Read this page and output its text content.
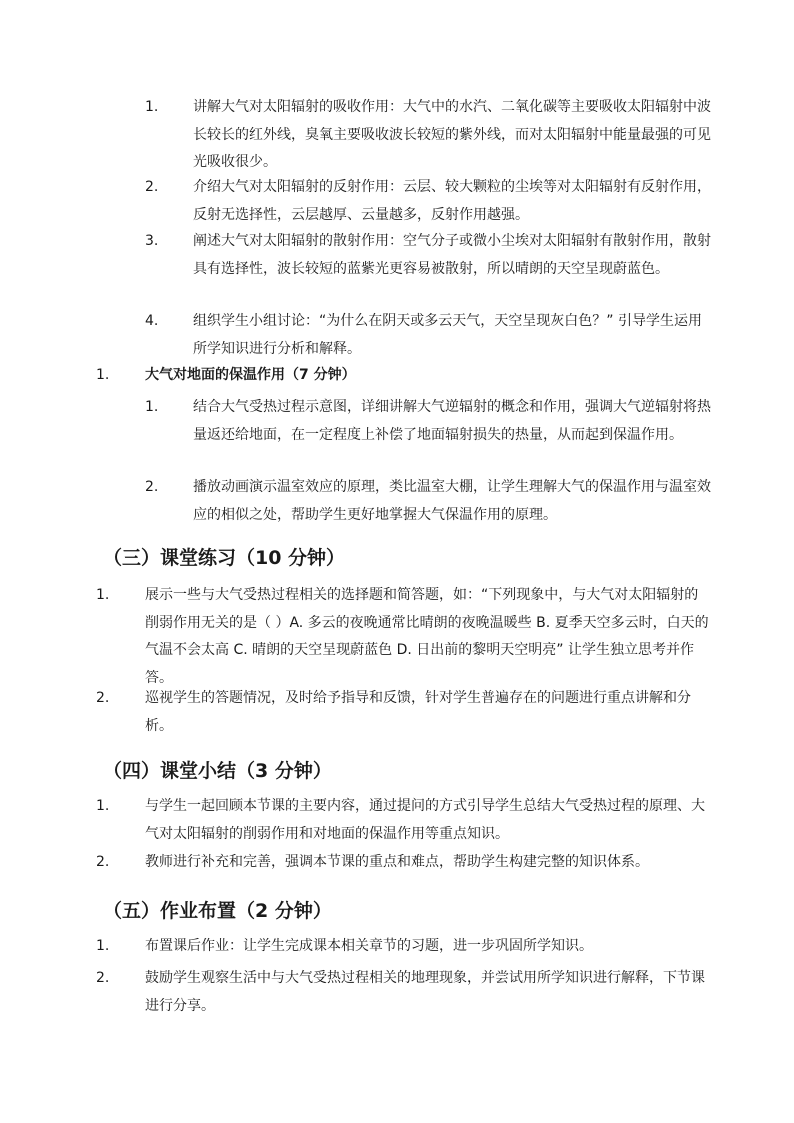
1. 讲解大气对太阳辐射的吸收作用：大气中的水汽、二氧化碳等主要吸收太阳辐射中波长较长的红外线，臭氧主要吸收波长较短的紫外线，而对太阳辐射中能量最强的可见光吸收很少。
2. 介绍大气对太阳辐射的反射作用：云层、较大颗粒的尘埃等对太阳辐射有反射作用，反射无选择性，云层越厚、云量越多，反射作用越强。
3. 阐述大气对太阳辐射的散射作用：空气分子或微小尘埃对太阳辐射有散射作用，散射具有选择性，波长较短的蓝紫光更容易被散射，所以晴朗的天空呈现蔚蓝色。
4. 组织学生小组讨论：“为什么在阴天或多云天气，天空呈现灰白色？” 引导学生运用所学知识进行分析和解释。
1.	大气对地面的保温作用（7 分钟）
1. 结合大气受热过程示意图，详细讲解大气逆辐射的概念和作用，强调大气逆辐射将热量返还给地面，在一定程度上补偿了地面辐射损失的热量，从而起到保温作用。
2. 播放动画演示温室效应的原理，类比温室大棚，让学生理解大气的保温作用与温室效应的相似之处，帮助学生更好地掌握大气保温作用的原理。
（三）课堂练习（10 分钟）
1.	展示一些与大气受热过程相关的选择题和简答题，如：“下列现象中，与大气对太阳辐射的削弱作用无关的是（ ）A. 多云的夜晚通常比晴朗的夜晚温暖些 B. 夏季天空多云时，白天的气温不会太高 C. 晴朗的天空呈现蔚蓝色 D. 日出前的黎明天空明亮” 让学生独立思考并作答。
2.	巡视学生的答题情况，及时给予指导和反馈，针对学生普遍存在的问题进行重点讲解和分析。
（四）课堂小结（3 分钟）
1.	与学生一起回顾本节课的主要内容，通过提问的方式引导学生总结大气受热过程的原理、大气对太阳辐射的削弱作用和对地面的保温作用等重点知识。
2.	教师进行补充和完善，强调本节课的重点和难点，帮助学生构建完整的知识体系。
（五）作业布置（2 分钟）
1.	布置课后作业：让学生完成课本相关章节的习题，进一步巩固所学知识。
2.	鼓励学生观察生活中与大气受热过程相关的地理现象，并尝试用所学知识进行解释，下节课进行分享。
